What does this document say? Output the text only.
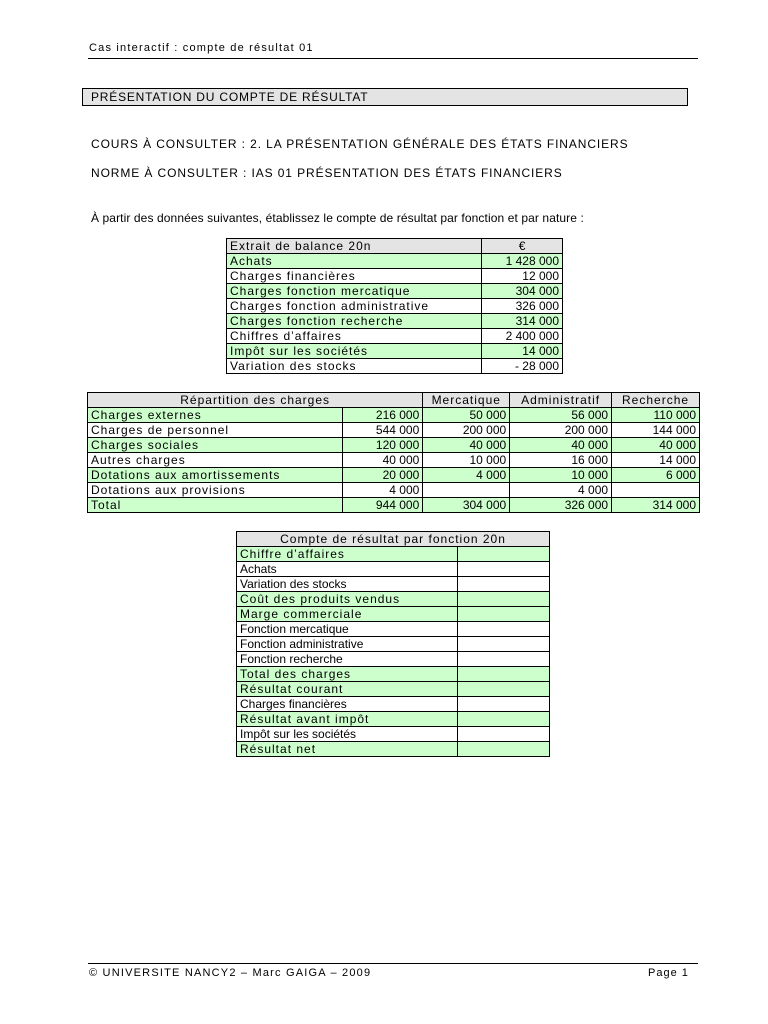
Cas interactif : compte de résultat 01
PRÉSENTATION DU COMPTE DE RÉSULTAT
COURS À CONSULTER : 2. LA PRÉSENTATION GÉNÉRALE DES ÉTATS FINANCIERS
NORME À CONSULTER : IAS 01 PRÉSENTATION DES ÉTATS FINANCIERS
À partir des données suivantes, établissez le compte de résultat par fonction et par nature :
Extrait de balance 20n	€
Achats	1 428 000
Charges financières	12 000
Charges fonction mercatique	304 000
Charges fonction administrative	326 000
Charges fonction recherche	314 000
Chiffres d’affaires	2 400 000
Impôt sur les sociétés	14 000
Variation des stocks	- 28 000
Répartition des charges		Mercatique	Administratif	Recherche
Charges externes	216 000	50 000	56 000	110 000
Charges de personnel	544 000	200 000	200 000	144 000
Charges sociales	120 000	40 000	40 000	40 000
Autres charges	40 000	10 000	16 000	14 000
Dotations aux amortissements	20 000	4 000	10 000	6 000
Dotations aux provisions	4 000		4 000	
Total	944 000	304 000	326 000	314 000
Compte de résultat par fonction 20n	
Chiffre d’affaires	
Achats	
Variation des stocks	
Coût des produits vendus	
Marge commerciale	
Fonction mercatique	
Fonction administrative	
Fonction recherche	
Total des charges	
Résultat courant	
Charges financières	
Résultat avant impôt	
Impôt sur les sociétés	
Résultat net	
© UNIVERSITE NANCY2 – Marc GAIGA – 2009	Page 1
